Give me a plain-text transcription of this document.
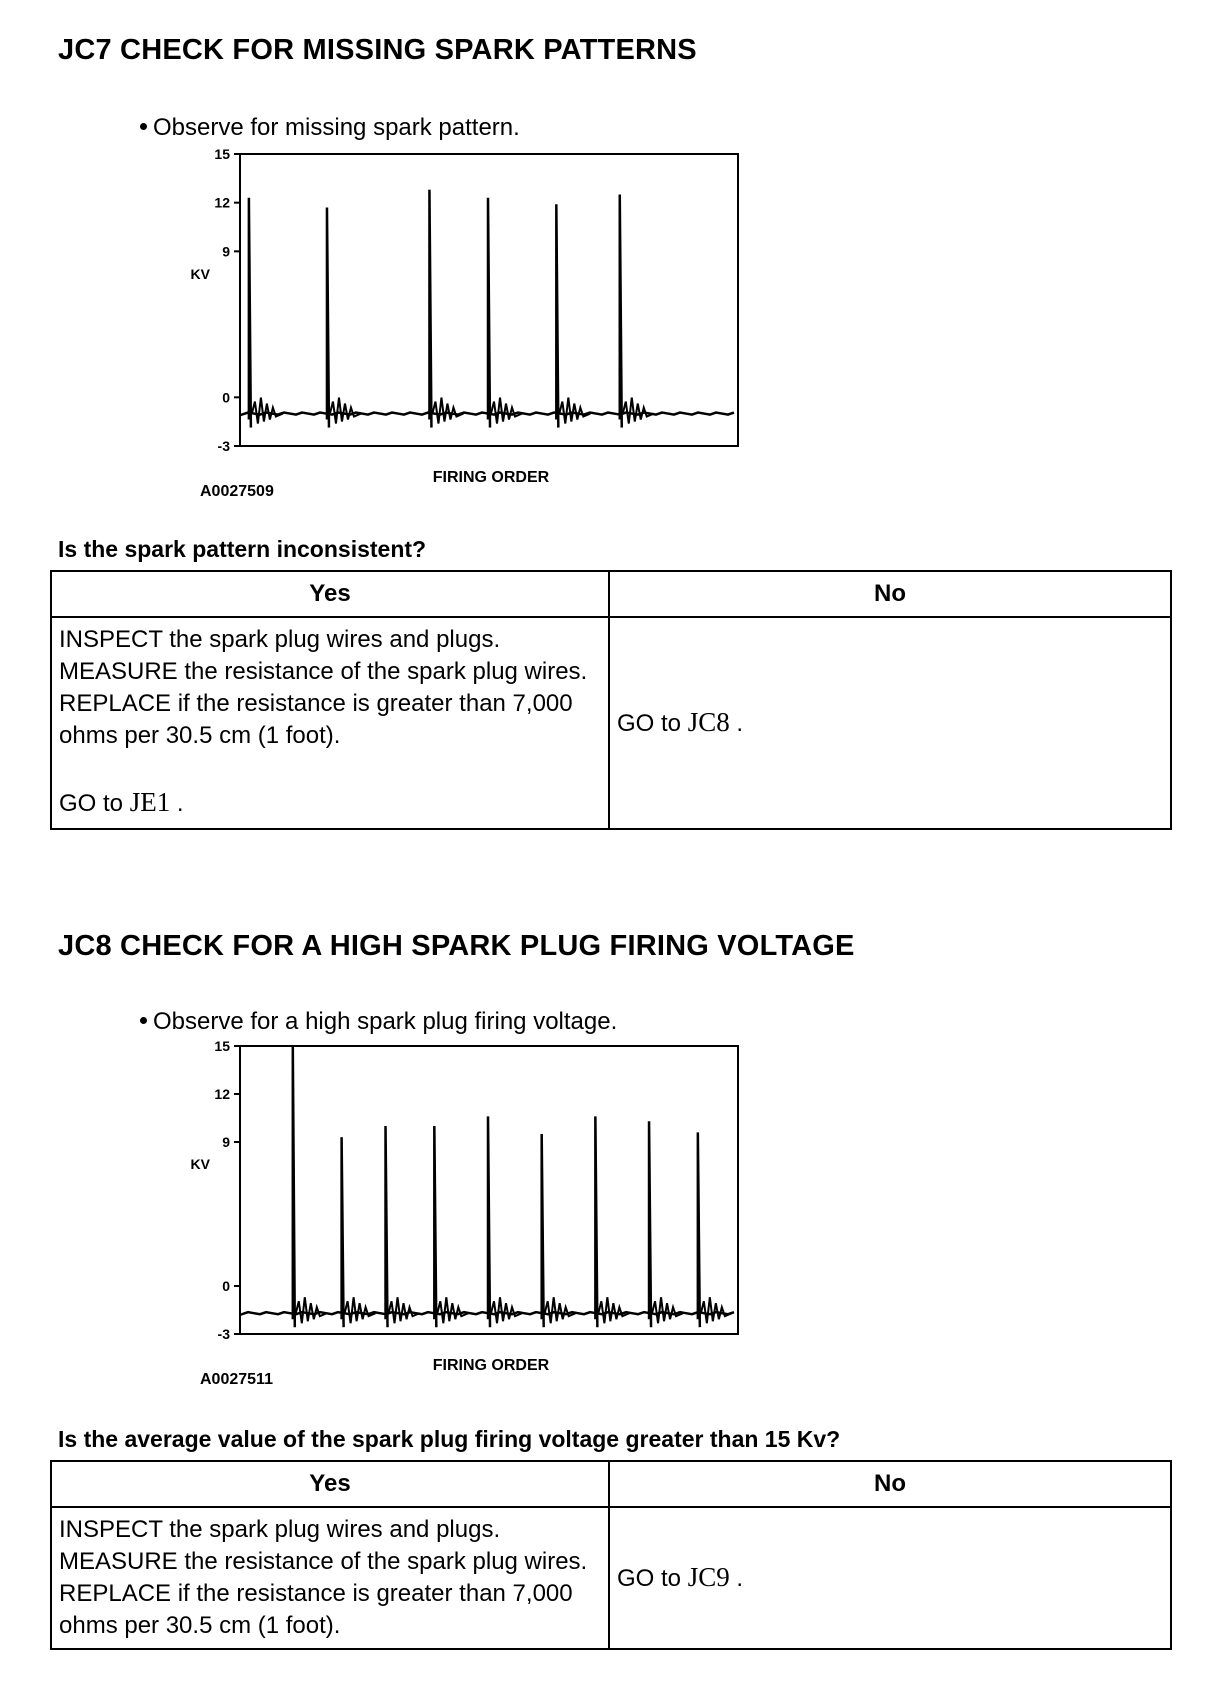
JC7 CHECK FOR MISSING SPARK PATTERNS
Observe for missing spark pattern.
15
12
9
0
-3
KV
FIRING ORDER
A0027509
Is the spark pattern inconsistent?
Yes	No

INSPECT the spark plug wires and plugs. MEASURE the resistance of the spark plug wires. REPLACE if the resistance is greater than 7,000 ohms per 30.5 cm (1 foot).

GO to JE1 .	GO to JC8 .
JC8 CHECK FOR A HIGH SPARK PLUG FIRING VOLTAGE
Observe for a high spark plug firing voltage.
15
12
9
0
-3
KV
FIRING ORDER
A0027511
Is the average value of the spark plug firing voltage greater than 15 Kv?
Yes	No

INSPECT the spark plug wires and plugs. MEASURE the resistance of the spark plug wires. REPLACE if the resistance is greater than 7,000 ohms per 30.5 cm (1 foot).	GO to JC9 .
